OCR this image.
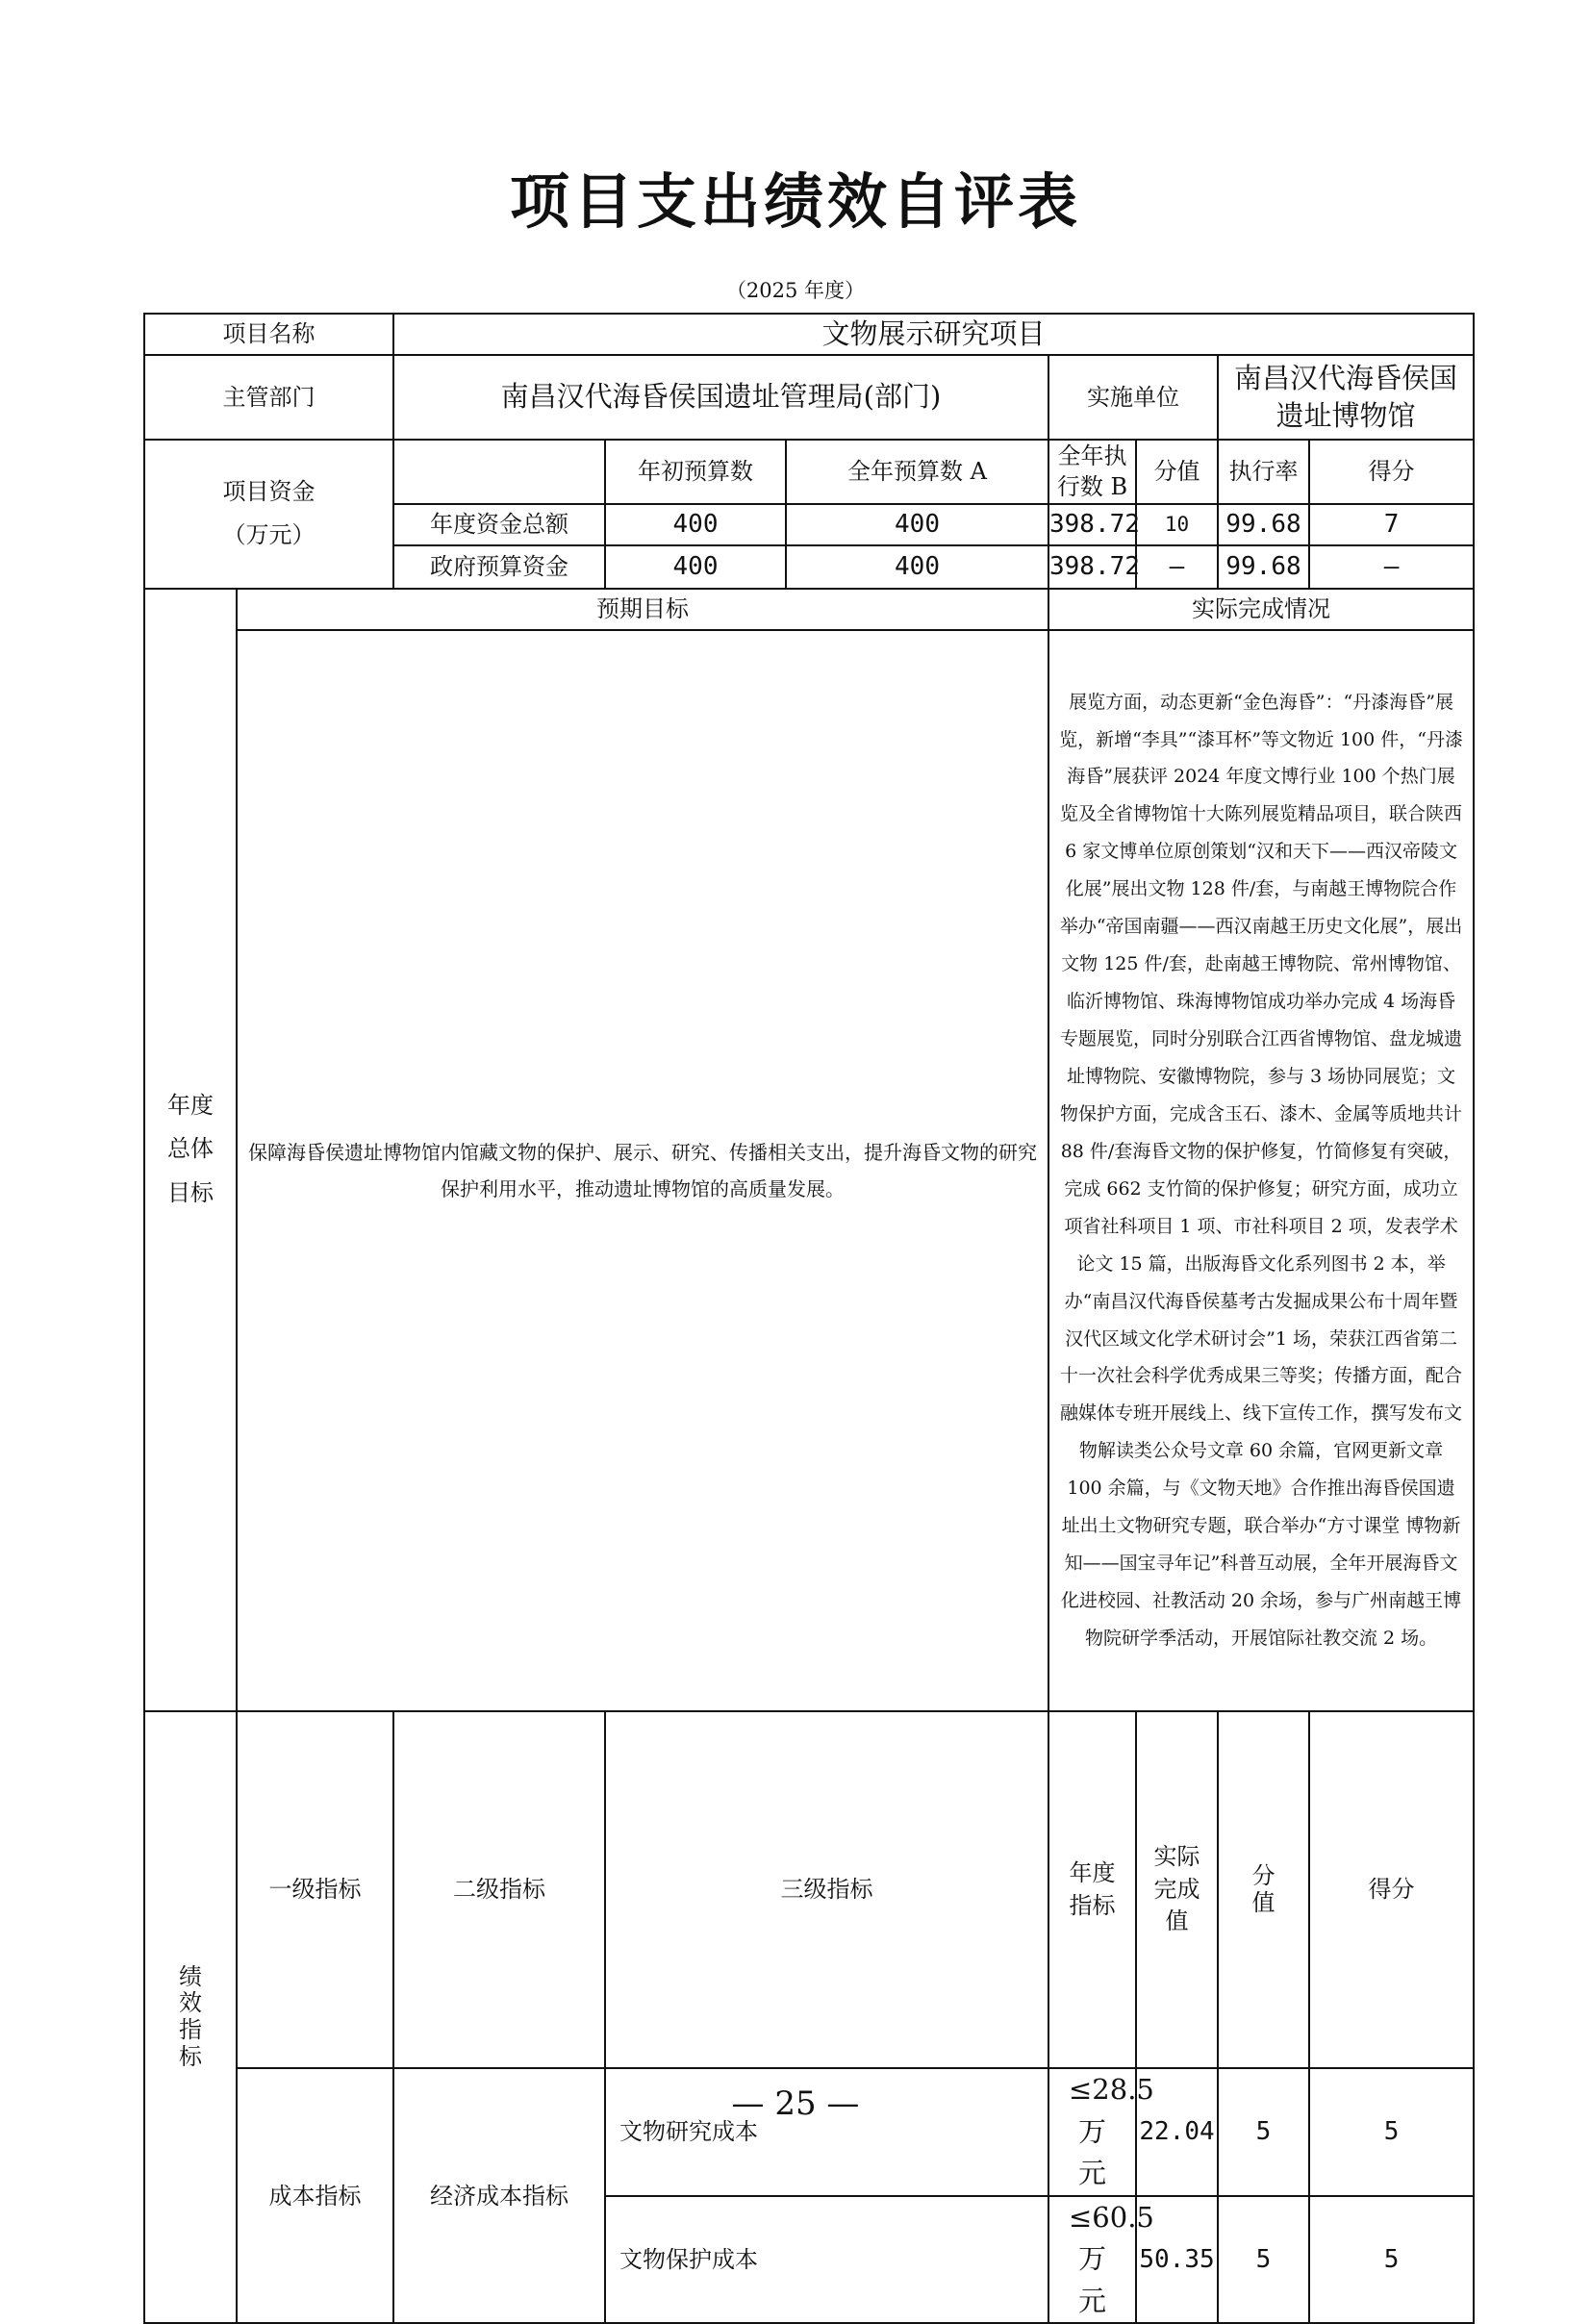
项目支出绩效自评表
（2025 年度）
项目名称		文物展示研究项目							
主管部门		南昌汉代海昏侯国遗址管理局(部门)			实施单位		南昌汉代海昏侯国遗址博物馆		

项目资金
（万元）			年初预算数	全年预算数 A	全年执行数 B	分值	执行率	得分	
		年度资金总额	400	400	398.72	10	99.68	7	
		政府预算资金	400	400	398.72	—	99.68	—	
年度总体目标	预期目标				实际完成情况				
	保障海昏侯遗址博物馆内馆藏文物的保护、展示、研究、传播相关支出，提升海昏文物的研究保护利用水平，推动遗址博物馆的高质量发展。				展览方面，动态更新“金色海昏”：“丹漆海昏”展览，新增“李具”“漆耳杯”等文物近 100 件，“丹漆海昏”展获评 2024 年度文博行业 100 个热门展览及全省博物馆十大陈列展览精品项目，联合陕西 6 家文博单位原创策划“汉和天下——西汉帝陵文化展”展出文物 128 件/套，与南越王博物院合作举办“帝国南疆——西汉南越王历史文化展”，展出文物 125 件/套，赴南越王博物院、常州博物馆、临沂博物馆、珠海博物馆成功举办完成 4 场海昏专题展览，同时分别联合江西省博物馆、盘龙城遗址博物院、安徽博物院，参与 3 场协同展览；文物保护方面，完成含玉石、漆木、金属等质地共计 88 件/套海昏文物的保护修复，竹简修复有突破，完成 662 支竹简的保护修复；研究方面，成功立项省社科项目 1 项、市社科项目 2 项，发表学术论文 15 篇，出版海昏文化系列图书 2 本，举办“南昌汉代海昏侯墓考古发掘成果公布十周年暨汉代区域文化学术研讨会”1 场，荣获江西省第二十一次社会科学优秀成果三等奖；传播方面，配合融媒体专班开展线上、线下宣传工作，撰写发布文物解读类公众号文章 60 余篇，官网更新文章 100 余篇，与《文物天地》合作推出海昏侯国遗址出土文物研究专题，联合举办“方寸课堂 博物新知——国宝寻年记”科普互动展，全年开展海昏文化进校园、社教活动 20 余场，参与广州南越王博物院研学季活动，开展馆际社教交流 2 场。				
绩效指标	一级指标	二级指标	三级指标		年度指标	实际完成值	分值	得分	
	成本指标	经济成本指标	文物研究成本		≤28.5万元	22.04	5	5	
			文物保护成本		≤60.5万元	50.35	5	5	
— 25 —
